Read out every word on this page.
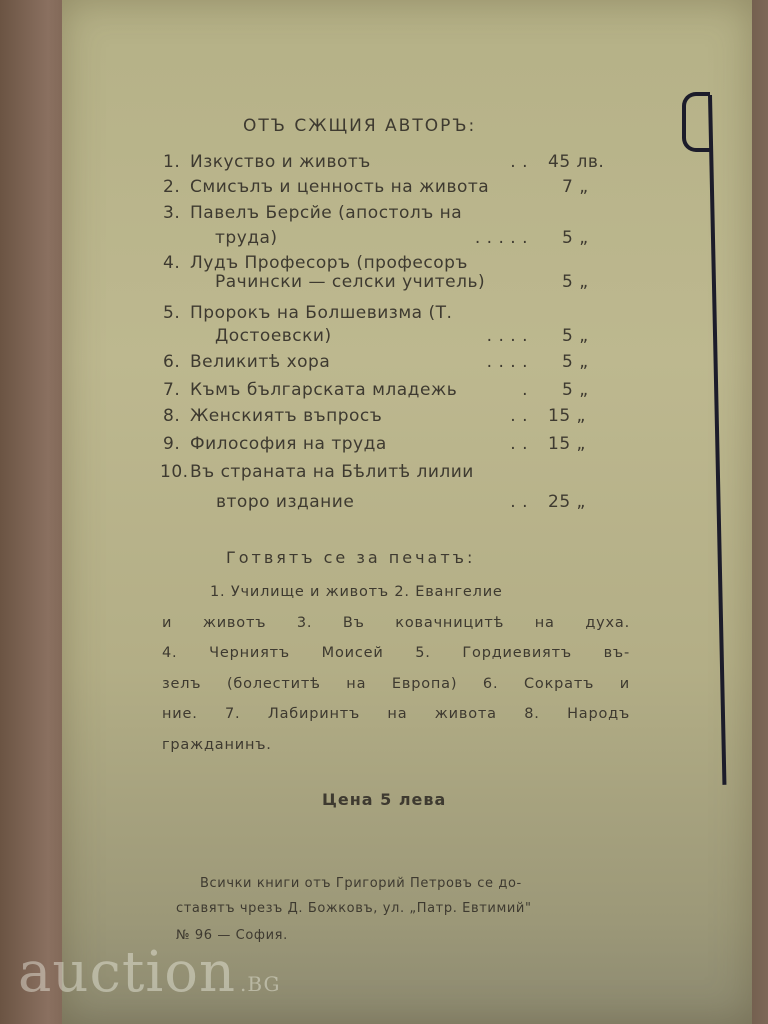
ОТЪ СЖЩИЯ АВТОРЪ:
1. Изкуство и животъ	. . 45 лв.
2. Смисълъ и ценность на живота	7 „
3. Павелъ Берсйе (апостолъ на
труда)	. . . . . 5 „
4. Лудъ Професоръ (професоръ
Рачински — селски учитель)	5 „
5. Пророкъ на Болшевизма (Т.
Достоевски)	. . . . 5 „
6. Великитѣ хора	. . . . 5 „
7. Къмъ българската младежь	. 5 „
8. Женскиятъ въпросъ	. . 15 „
9. Философия на труда	. . 15 „
10. Въ страната на Бѣлитѣ лилии
второ издание	. . 25 „
Готвятъ се за печатъ:
1. Училище и животъ 2. Евангелие
и животъ 3. Въ ковачницитѣ на духа.
4. Черниятъ Моисей 5. Гордиевиятъ въ-
зелъ (болеститѣ на Европа) 6. Сократъ и
ние. 7. Лабиринтъ на живота 8. Народъ
гражданинъ.
Цена 5 лева
Всички книги отъ Григорий Петровъ се до-
ставятъ чрезъ Д. Божковъ, ул. „Патр. Евтимий"
№ 96 — София.
auction .BG
